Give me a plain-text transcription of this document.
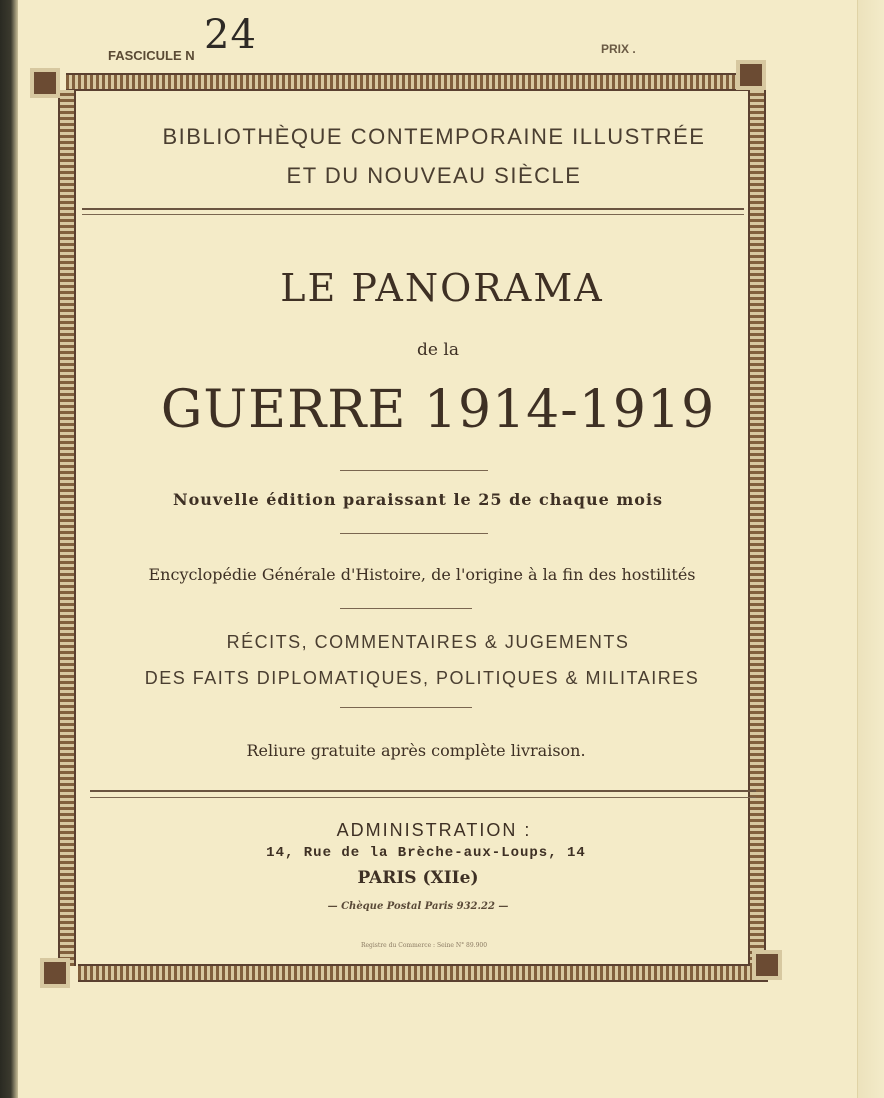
FASCICULE N 24	PRIX .
BIBLIOTHÈQUE CONTEMPORAINE ILLUSTRÉE
ET DU NOUVEAU SIÈCLE
LE PANORAMA
de la
GUERRE 1914-1919
Nouvelle édition paraissant le 25 de chaque mois
Encyclopédie Générale d'Histoire, de l'origine à la fin des hostilités
RÉCITS, COMMENTAIRES & JUGEMENTS
DES FAITS DIPLOMATIQUES, POLITIQUES & MILITAIRES
Reliure gratuite après complète livraison.
ADMINISTRATION :
14, Rue de la Brèche-aux-Loups, 14
PARIS (XIIe)
— Chèque Postal Paris 932.22 —
Registre du Commerce : Seine N° 89.900
